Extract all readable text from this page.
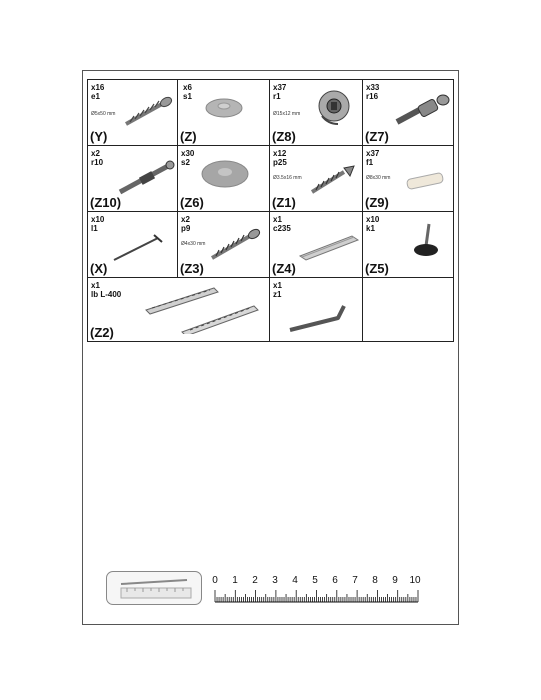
x16
e1
Ø5x50 mm
(Y)
x6
s1
(Z)
x37
r1
Ø15x12 mm
(Z8)
x33
r16
(Z7)
x2
r10
(Z10)
x30
s2
(Z6)
x12
p25
Ø3.5x16 mm
(Z1)
x37
f1
Ø8x30 mm
(Z9)
x10
l1
(X)
x2
p9
Ø4x30 mm
(Z3)
x1
c235
(Z4)
x10
k1
(Z5)
x1
lb L-400
(Z2)
x1
z1
0 1 2 3 4 5 6 7 8 9 10
